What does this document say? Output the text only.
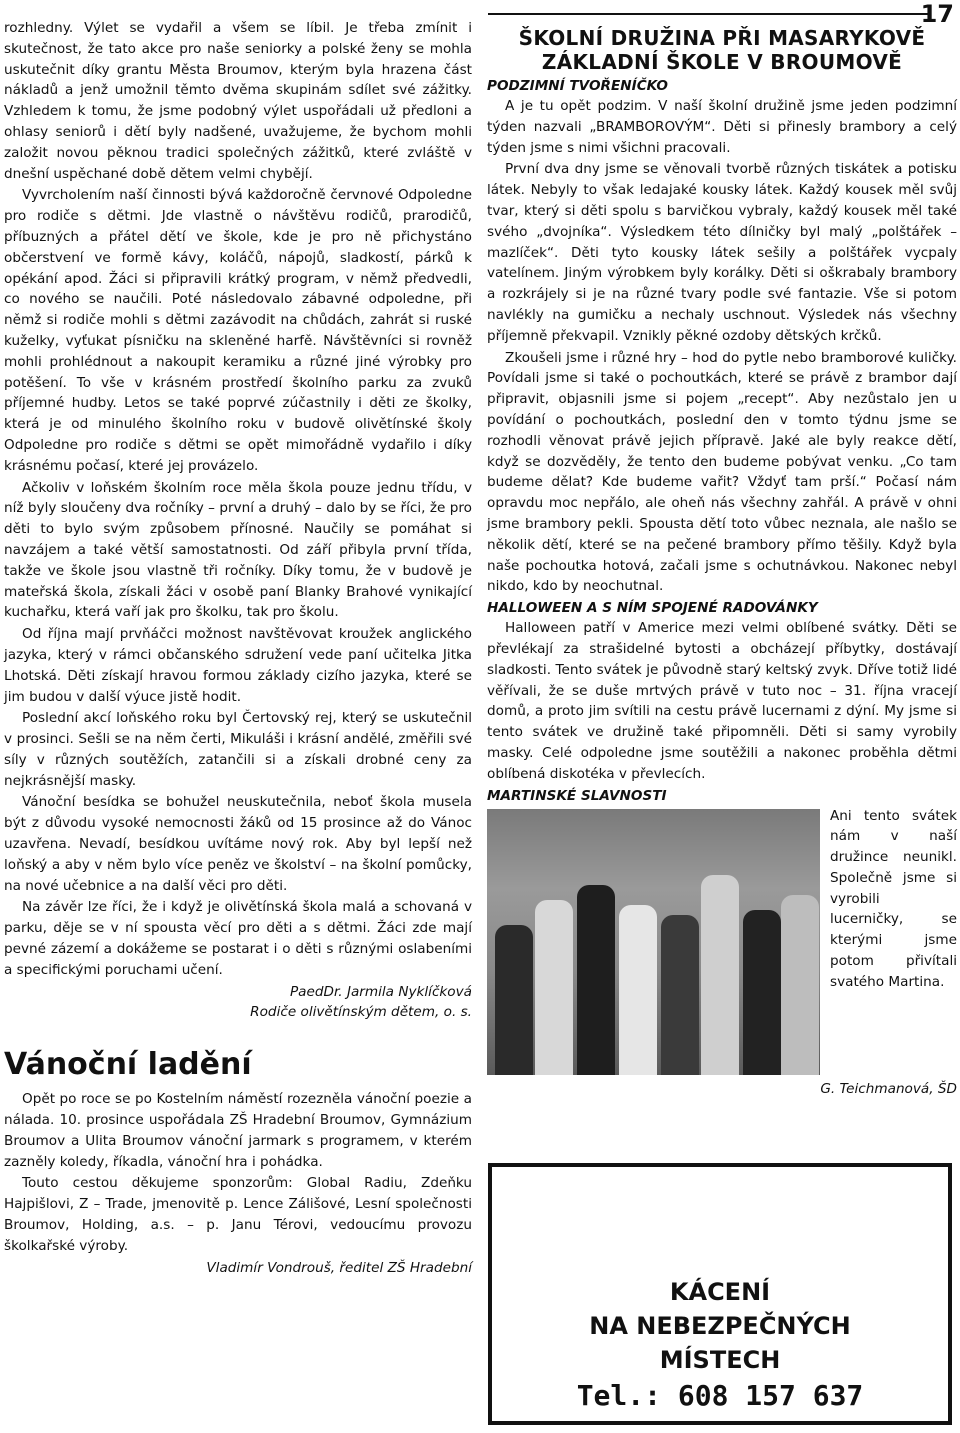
17

rozhledny. Výlet se vydařil a všem se líbil. Je třeba zmínit i skutečnost, že tato akce pro naše seniorky a polské ženy se mohla uskutečnit díky grantu Města Broumov, kterým byla hrazena část nákladů a jenž umožnil těmto dvěma skupinám sdílet své zážitky. Vzhledem k tomu, že jsme podobný výlet uspořádali už předloni a ohlasy seniorů i dětí byly nadšené, uvažujeme, že bychom mohli založit novou pěknou tradici společných zážitků, které zvláště v dnešní uspěchané době dětem velmi chybějí.

Vyvrcholením naší činnosti bývá každoročně červnové Odpoledne pro rodiče s dětmi. Jde vlastně o návštěvu rodičů, prarodičů, příbuzných a přátel dětí ve škole, kde je pro ně přichystáno občerstvení ve formě kávy, koláčů, nápojů, sladkostí, párků k opékání apod. Žáci si připravili krátký program, v němž předvedli, co nového se naučili. Poté následovalo zábavné odpoledne, při němž si rodiče mohli s dětmi zazávodit na chůdách, zahrát si ruské kuželky, vyťukat písničku na skleněné harfě. Návštěvníci si rovněž mohli prohlédnout a nakoupit keramiku a různé jiné výrobky pro potěšení. To vše v krásném prostředí školního parku za zvuků příjemné hudby. Letos se také poprvé zúčastnily i děti ze školky, která je od minulého školního roku v budově olivětínské školy Odpoledne pro rodiče s dětmi se opět mimořádně vydařilo i díky krásnému počasí, které jej provázelo.

Ačkoliv v loňském školním roce měla škola pouze jednu třídu, v níž byly sloučeny dva ročníky – první a druhý – dalo by se říci, že pro děti to bylo svým způsobem přínosné. Naučily se pomáhat si navzájem a také větší samostatnosti. Od září přibyla první třída, takže ve škole jsou vlastně tři ročníky. Díky tomu, že v budově je mateřská škola, získali žáci v osobě paní Blanky Brahové vynikající kuchařku, která vaří jak pro školku, tak pro školu.

Od října mají prvňáčci možnost navštěvovat kroužek anglického jazyka, který v rámci občanského sdružení vede paní učitelka Jitka Lhotská. Děti získají hravou formou základy cizího jazyka, které se jim budou v další výuce jistě hodit.

Poslední akcí loňského roku byl Čertovský rej, který se uskutečnil v prosinci. Sešli se na něm čerti, Mikuláši i krásní andělé, změřili své síly v různých soutěžích, zatančili si a získali drobné ceny za nejkrásnější masky.

Vánoční besídka se bohužel neuskutečnila, neboť škola musela být z důvodu vysoké nemocnosti žáků od 15 prosince až do Vánoc uzavřena. Nevadí, besídkou uvítáme nový rok. Aby byl lepší než loňský a aby v něm bylo více peněz ve školství – na školní pomůcky, na nové učebnice a na další věci pro děti.

Na závěr lze říci, že i když je olivětínská škola malá a schovaná v parku, děje se v ní spousta věcí pro děti a s dětmi. Žáci zde mají pevné zázemí a dokážeme se postarat i o děti s různými oslabeními a specifickými poruchami učení.

PaedDr. Jarmila Nyklíčková
Rodiče olivětínským dětem, o. s.
Vánoční ladění

Opět po roce se po Kostelním náměstí rozezněla vánoční poezie a nálada. 10. prosince uspořádala ZŠ Hradební Broumov, Gymnázium Broumov a Ulita Broumov vánoční jarmark s programem, v kterém zazněly koledy, říkadla, vánoční hra i pohádka.

Touto cestou děkujeme sponzorům: Global Radiu, Zdeňku Hajpišlovi, Z – Trade, jmenovitě p. Lence Zálišové, Lesní společnosti Broumov, Holding, a.s. – p. Janu Térovi, vedoucímu provozu školkařské výroby.

Vladimír Vondrouš, ředitel ZŠ Hradební
ŠKOLNÍ DRUŽINA PŘI MASARYKOVĚ
ZÁKLADNÍ ŠKOLE V BROUMOVĚ
PODZIMNÍ TVOŘENÍČKO

A je tu opět podzim. V naší školní družině jsme jeden podzimní týden nazvali „BRAMBOROVÝM“. Děti si přinesly brambory a celý týden jsme s nimi všichni pracovali.

První dva dny jsme se věnovali tvorbě různých tiskátek a potisku látek. Nebyly to však ledajaké kousky látek. Každý kousek měl svůj tvar, který si děti spolu s barvičkou vybraly, každý kousek měl také svého „dvojníka“. Výsledkem této dílničky byl malý „polštářek – mazlíček“. Děti tyto kousky látek sešily a polštářek vycpaly vatelínem. Jiným výrobkem byly korálky. Děti si oškrabaly brambory a rozkrájely si je na různé tvary podle své fantazie. Vše si potom navlékly na gumičku a nechaly uschnout. Výsledek nás všechny příjemně překvapil. Vznikly pěkné ozdoby dětských krčků.

Zkoušeli jsme i různé hry – hod do pytle nebo bramborové kuličky. Povídali jsme si také o pochoutkách, které se právě z brambor dají připravit, objasnili jsme si pojem „recept“. Aby nezůstalo jen u povídání o pochoutkách, poslední den v tomto týdnu jsme se rozhodli věnovat právě jejich přípravě. Jaké ale byly reakce dětí, když se dozvěděly, že tento den budeme pobývat venku. „Co tam budeme dělat? Kde budeme vařit? Vždyť tam prší.“ Počasí nám opravdu moc nepřálo, ale oheň nás všechny zahřál. A právě v ohni jsme brambory pekli. Spousta dětí toto vůbec neznala, ale našlo se několik dětí, které se na pečené brambory přímo těšily. Když byla naše pochoutka hotová, začali jsme s ochutnávkou. Nakonec nebyl nikdo, kdo by neochutnal.

HALLOWEEN A S NÍM SPOJENÉ RADOVÁNKY

Halloween patří v Americe mezi velmi oblíbené svátky. Děti se převlékají za strašidelné bytosti a obcházejí příbytky, dostávají sladkosti. Tento svátek je původně starý keltský zvyk. Dříve totiž lidé věřívali, že se duše mrtvých právě v tuto noc – 31. října vracejí domů, a proto jim svítili na cestu právě lucernami z dýní. My jsme si tento svátek ve družině také připomněli. Děti si samy vyrobily masky. Celé odpoledne jsme soutěžili a nakonec proběhla dětmi oblíbená diskotéka v převlecích.

MARTINSKÉ SLAVNOSTI

Ani tento svátek nám v naší družince neunikl. Společně jsme si vyrobili lucerničky, se kterými jsme potom přivítali svatého Martina.

G. Teichmanová, ŠD
KÁCENÍ
NA NEBEZPEČNÝCH
MÍSTECH
Tel.: 608 157 637
